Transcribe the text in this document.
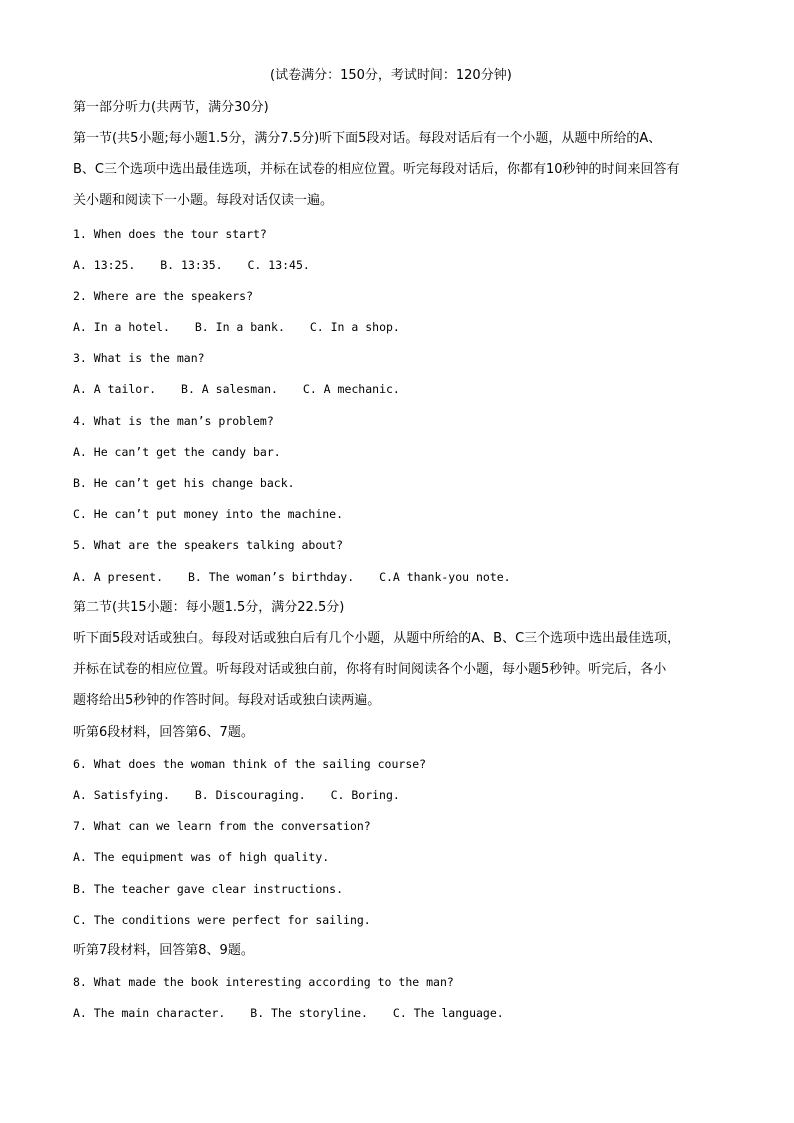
(试卷满分：150分，考试时间：120分钟)
第一部分听力(共两节，满分30分)
第一节(共5小题;每小题1.5分，满分7.5分)听下面5段对话。每段对话后有一个小题，从题中所给的A、
B、C三个选项中选出最佳选项，并标在试卷的相应位置。听完每段对话后，你都有10秒钟的时间来回答有
关小题和阅读下一小题。每段对话仅读一遍。
1. When does the tour start?
A. 13:25. B. 13:35. C. 13:45.
2. Where are the speakers?
A. In a hotel. B. In a bank. C. In a shop.
3. What is the man?
A. A tailor. B. A salesman. C. A mechanic.
4. What is the man’s problem?
A. He can’t get the candy bar.
B. He can’t get his change back.
C. He can’t put money into the machine.
5. What are the speakers talking about?
A. A present. B. The woman’s birthday. C.A thank-you note.
第二节(共15小题：每小题1.5分，满分22.5分)
听下面5段对话或独白。每段对话或独白后有几个小题，从题中所给的A、B、C三个选项中选出最佳选项，
并标在试卷的相应位置。听每段对话或独白前，你将有时间阅读各个小题，每小题5秒钟。听完后，各小
题将给出5秒钟的作答时间。每段对话或独白读两遍。
听第6段材料，回答第6、7题。
6. What does the woman think of the sailing course?
A. Satisfying. B. Discouraging. C. Boring.
7. What can we learn from the conversation?
A. The equipment was of high quality.
B. The teacher gave clear instructions.
C. The conditions were perfect for sailing.
听第7段材料，回答第8、9题。
8. What made the book interesting according to the man?
A. The main character. B. The storyline. C. The language.
